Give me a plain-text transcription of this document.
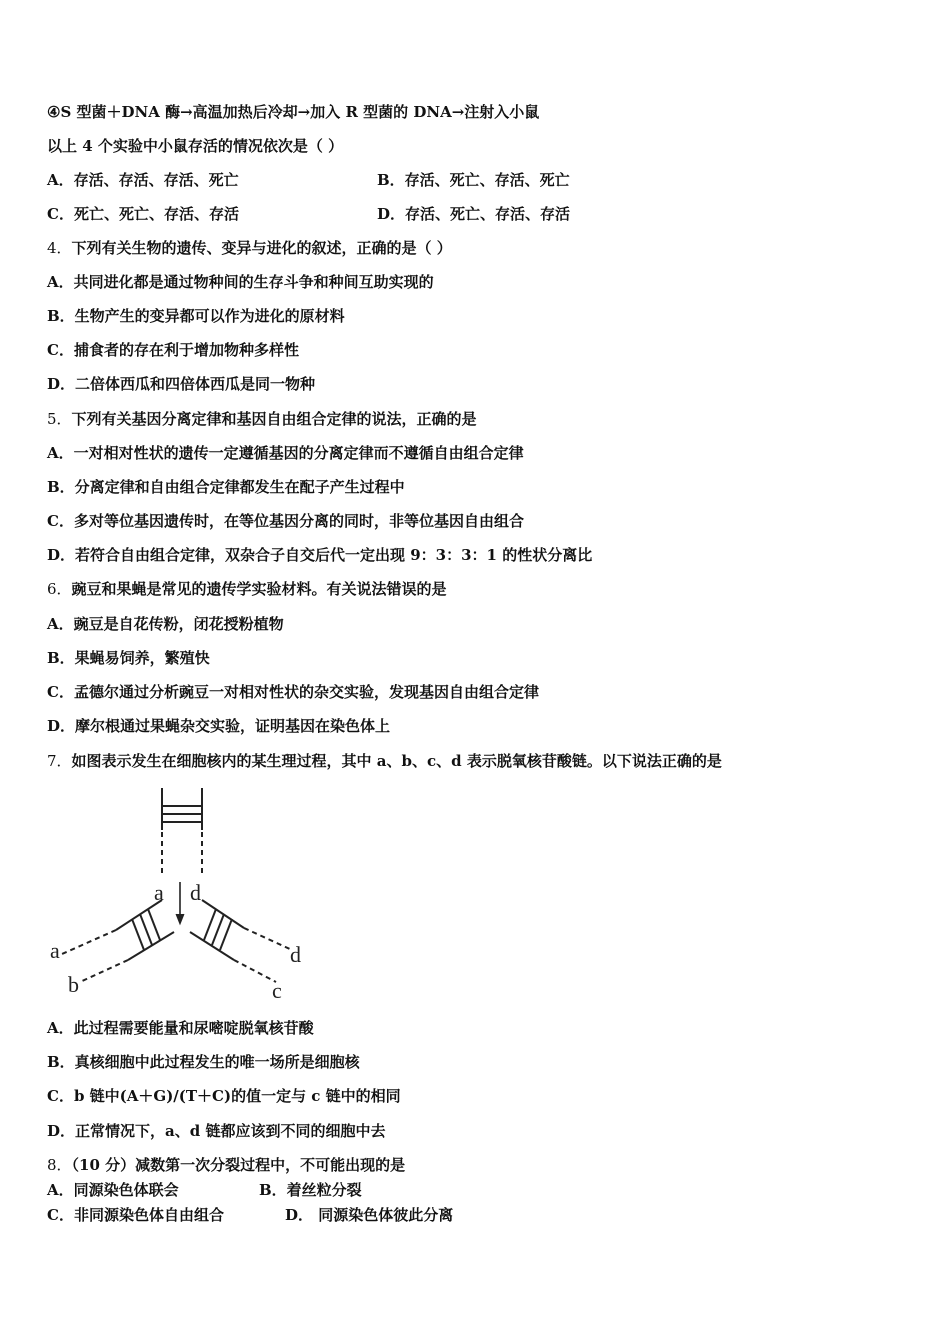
④S 型菌＋DNA 酶→高温加热后冷却→加入 R 型菌的 DNA→注射入小鼠
以上 4 个实验中小鼠存活的情况依次是（ ）
A．存活、存活、存活、死亡	B．存活、死亡、存活、死亡
C．死亡、死亡、存活、存活	D．存活、死亡、存活、存活
4．下列有关生物的遗传、变异与进化的叙述，正确的是（ ）
A．共同进化都是通过物种间的生存斗争和种间互助实现的
B．生物产生的变异都可以作为进化的原材料
C．捕食者的存在利于增加物种多样性
D．二倍体西瓜和四倍体西瓜是同一物种
5．下列有关基因分离定律和基因自由组合定律的说法，正确的是
A．一对相对性状的遗传一定遵循基因的分离定律而不遵循自由组合定律
B．分离定律和自由组合定律都发生在配子产生过程中
C．多对等位基因遗传时，在等位基因分离的同时，非等位基因自由组合
D．若符合自由组合定律，双杂合子自交后代一定出现 9：3：3：1 的性状分离比
6．豌豆和果蝇是常见的遗传学实验材料。有关说法错误的是
A．豌豆是自花传粉，闭花授粉植物
B．果蝇易饲养，繁殖快
C．孟德尔通过分析豌豆一对相对性状的杂交实验，发现基因自由组合定律
D．摩尔根通过果蝇杂交实验，证明基因在染色体上
7．如图表示发生在细胞核内的某生理过程，其中 a、b、c、d 表示脱氧核苷酸链。以下说法正确的是
a d
a
b
d
c
A．此过程需要能量和尿嘧啶脱氧核苷酸
B．真核细胞中此过程发生的唯一场所是细胞核
C．b 链中(A＋G)/(T＋C)的值一定与 c 链中的相同
D．正常情况下，a、d 链都应该到不同的细胞中去
8．（10 分）减数第一次分裂过程中，不可能出现的是
A．同源染色体联会	B．着丝粒分裂
C．非同源染色体自由组合	D． 同源染色体彼此分离
